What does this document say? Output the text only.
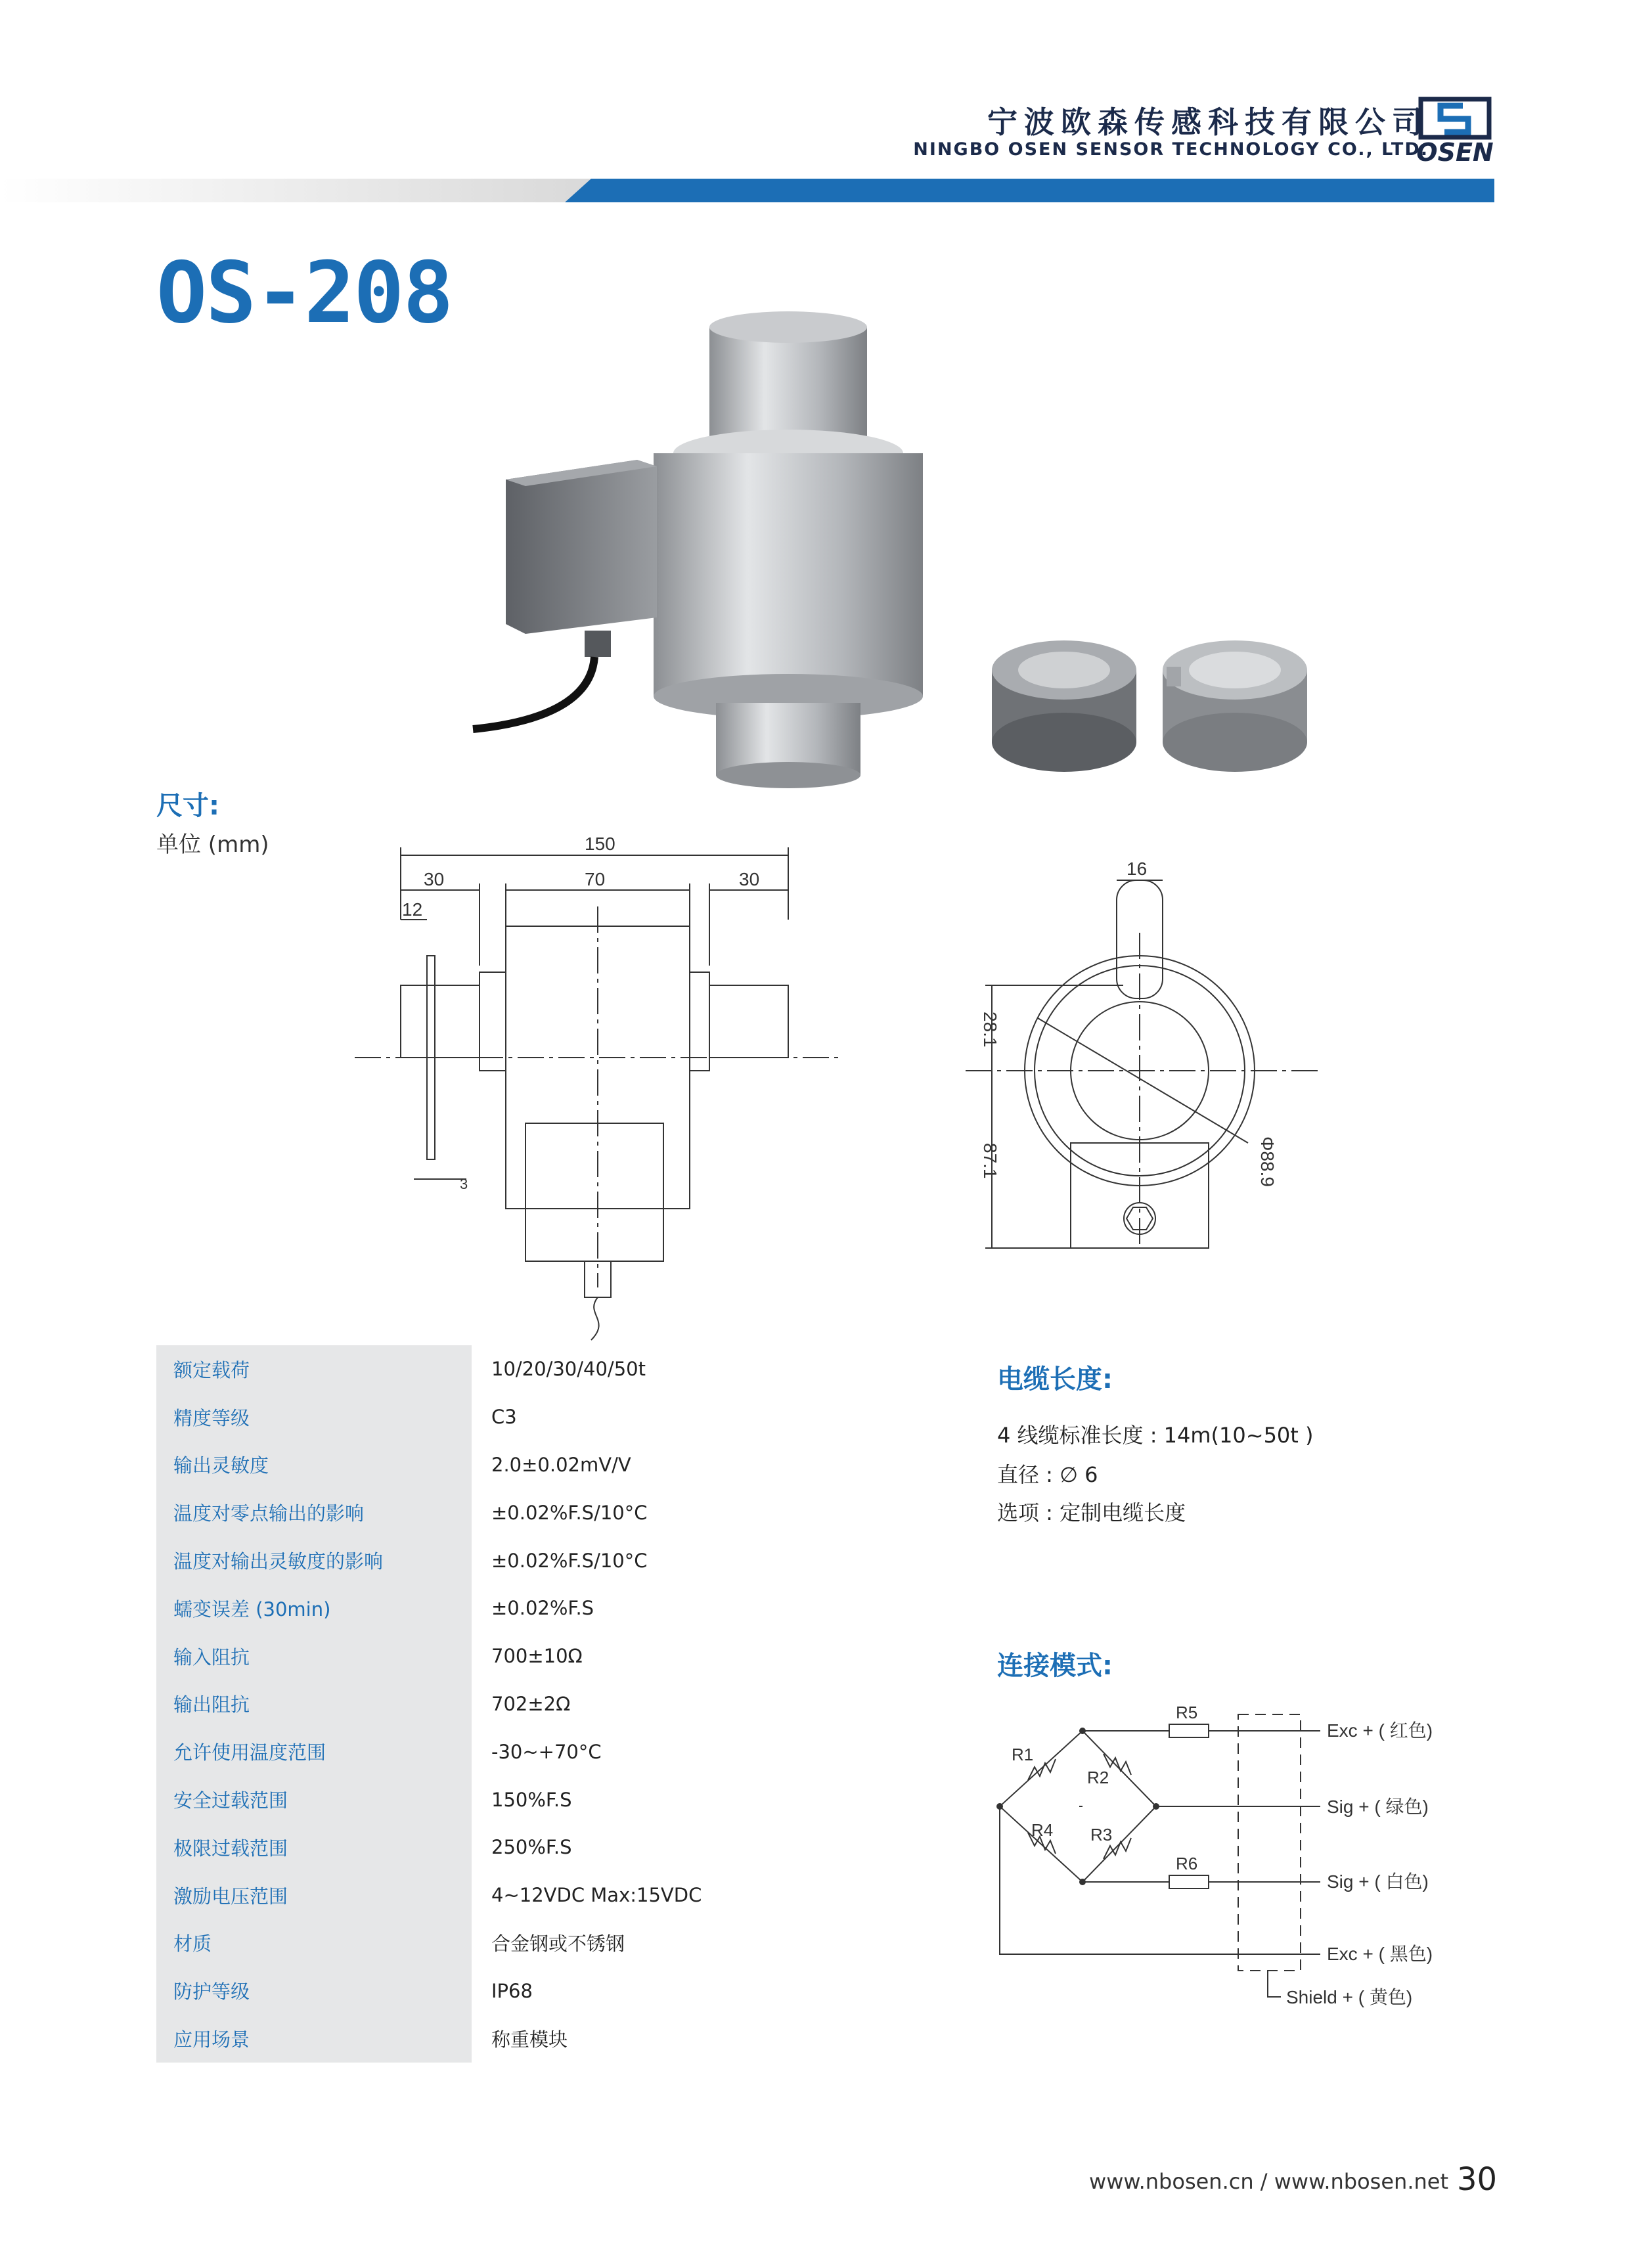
宁波欧森传感科技有限公司
NINGBO OSEN SENSOR TECHNOLOGY CO., LTD.
OSEN
OS-208
尺寸:
单位 (mm)	150
30	70	30
12
3
16
28.1
87.1	Φ88.9
额定载荷	10/20/30/40/50t
精度等级	C3
输出灵敏度	2.0±0.02mV/V
温度对零点输出的影响	±0.02%F.S/10°C
温度对输出灵敏度的影响	±0.02%F.S/10°C
蠕变误差 (30min)	±0.02%F.S
输入阻抗	700±10Ω
输出阻抗	702±2Ω
允许使用温度范围	-30~+70°C
安全过载范围	150%F.S
极限过载范围	250%F.S
激励电压范围	4~12VDC Max:15VDC
材质	合金钢或不锈钢
防护等级	IP68
应用场景	称重模块
电缆长度:
4 线缆标准长度 : 14m(10~50t )
直径 : ∅ 6
选项 : 定制电缆长度
连接模式:
R1
R2
R3
R4
R5
R6
Exc + ( 红色)
Sig + ( 绿色)
Sig + ( 白色)
Exc + ( 黑色)
Shield + ( 黄色)
www.nbosen.cn / www.nbosen.net 30
